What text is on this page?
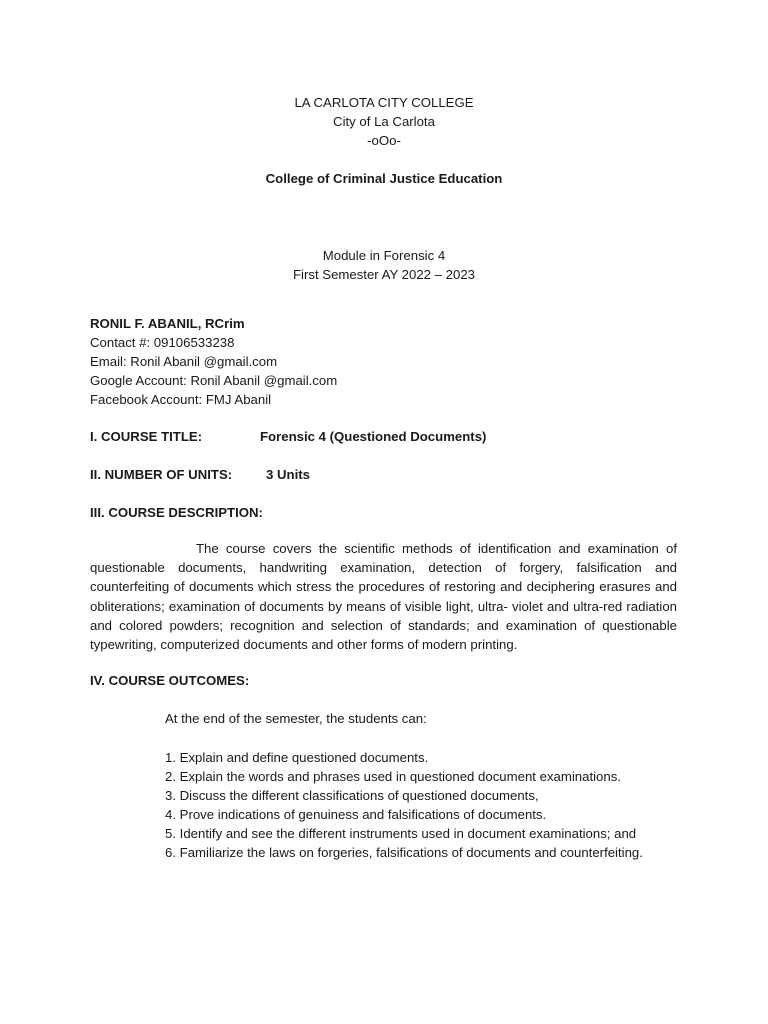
LA CARLOTA CITY COLLEGE
City of La Carlota
-oOo-
College of Criminal Justice Education
Module in Forensic 4
First Semester AY 2022 – 2023
RONIL F. ABANIL, RCrim
Contact #: 09106533238
Email: Ronil Abanil @gmail.com
Google Account: Ronil Abanil @gmail.com
Facebook Account: FMJ Abanil
I. COURSE TITLE:	Forensic 4 (Questioned Documents)
II. NUMBER OF UNITS:	3 Units
III. COURSE DESCRIPTION:

The course covers the scientific methods of identification and examination of questionable documents, handwriting examination, detection of forgery, falsification and counterfeiting of documents which stress the procedures of restoring and deciphering erasures and obliterations; examination of documents by means of visible light, ultra- violet and ultra-red radiation and colored powders; recognition and selection of standards; and examination of questionable typewriting, computerized documents and other forms of modern printing.

IV. COURSE OUTCOMES:
At the end of the semester, the students can:
1. Explain and define questioned documents.
2. Explain the words and phrases used in questioned document examinations.
3. Discuss the different classifications of questioned documents,
4. Prove indications of genuiness and falsifications of documents.
5. Identify and see the different instruments used in document examinations; and
6. Familiarize the laws on forgeries, falsifications of documents and counterfeiting.
